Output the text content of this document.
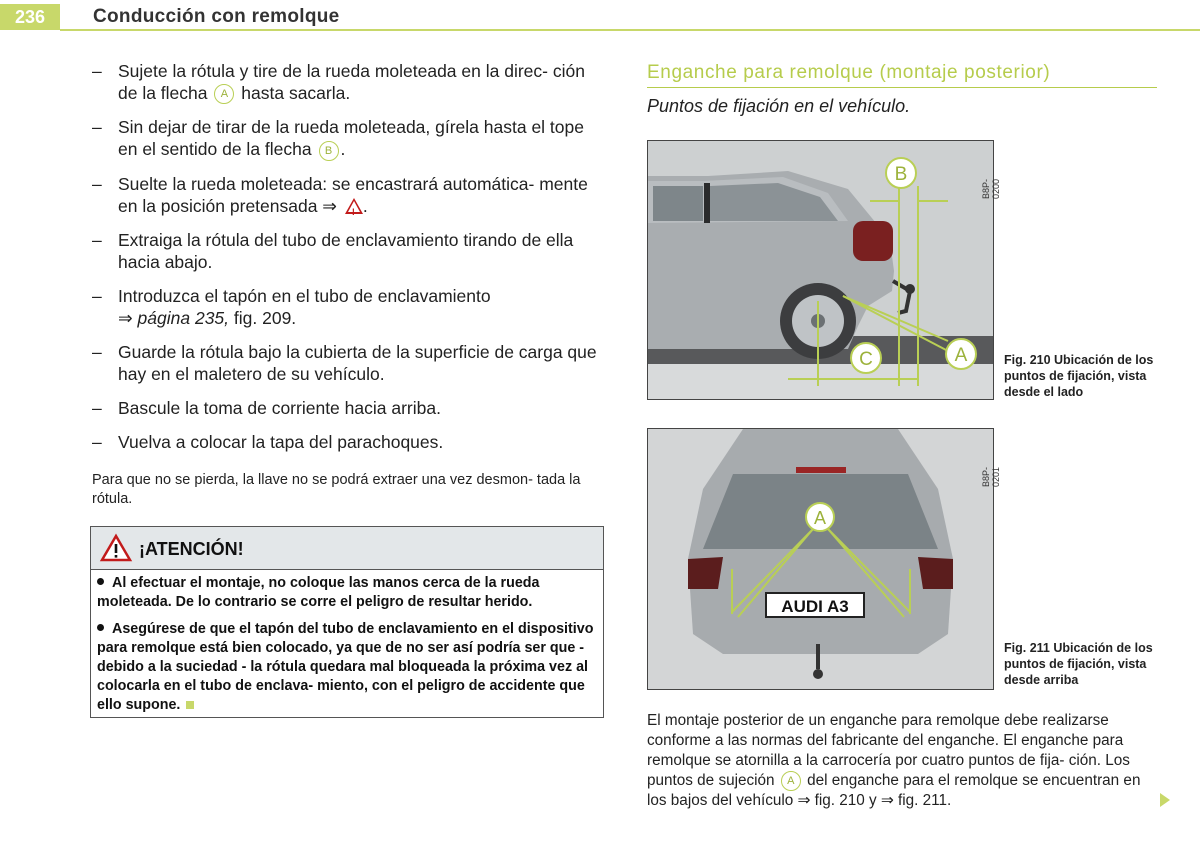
236	Conducción con remolque
– Sujete la rótula y tire de la rueda moleteada en la direc- ción de la flecha A hasta sacarla.
– Sin dejar de tirar de la rueda moleteada, gírela hasta el tope en el sentido de la flecha B .
– Suelte la rueda moleteada: se encastrará automática- mente en la posición pretensada ⇒ ! .
– Extraiga la rótula del tubo de enclavamiento tirando de ella hacia abajo.
– Introduzca el tapón en el tubo de enclavamiento
⇒ página 235, fig. 209.
– Guarde la rótula bajo la cubierta de la superficie de carga que hay en el maletero de su vehículo.
– Bascule la toma de corriente hacia arriba.
– Vuelva a colocar la tapa del parachoques.
Para que no se pierda, la llave no se podrá extraer una vez desmon- tada la rótula.
¡ATENCIÓN!

Al efectuar el montaje, no coloque las manos cerca de la rueda moleteada. De lo contrario se corre el peligro de resultar herido.

Asegúrese de que el tapón del tubo de enclavamiento en el dispositivo para remolque está bien colocado, ya que de no ser así podría ser que - debido a la suciedad - la rótula quedara mal bloqueada la próxima vez al colocarla en el tubo de enclava- miento, con el peligro de accidente que ello supone.

Enganche para remolque (montaje posterior)
Puntos de fijación en el vehículo.
B
C	A
B8P-0200
Fig. 210 Ubicación de los puntos de fijación, vista desde el lado
AUDI A3
A
B8P-0201
Fig. 211 Ubicación de los puntos de fijación, vista desde arriba
El montaje posterior de un enganche para remolque debe realizarse conforme a las normas del fabricante del enganche. El enganche para remolque se atornilla a la carrocería por cuatro puntos de fija- ción. Los puntos de sujeción A del enganche para el remolque se encuentran en los bajos del vehículo ⇒ fig. 210 y ⇒ fig. 211.
